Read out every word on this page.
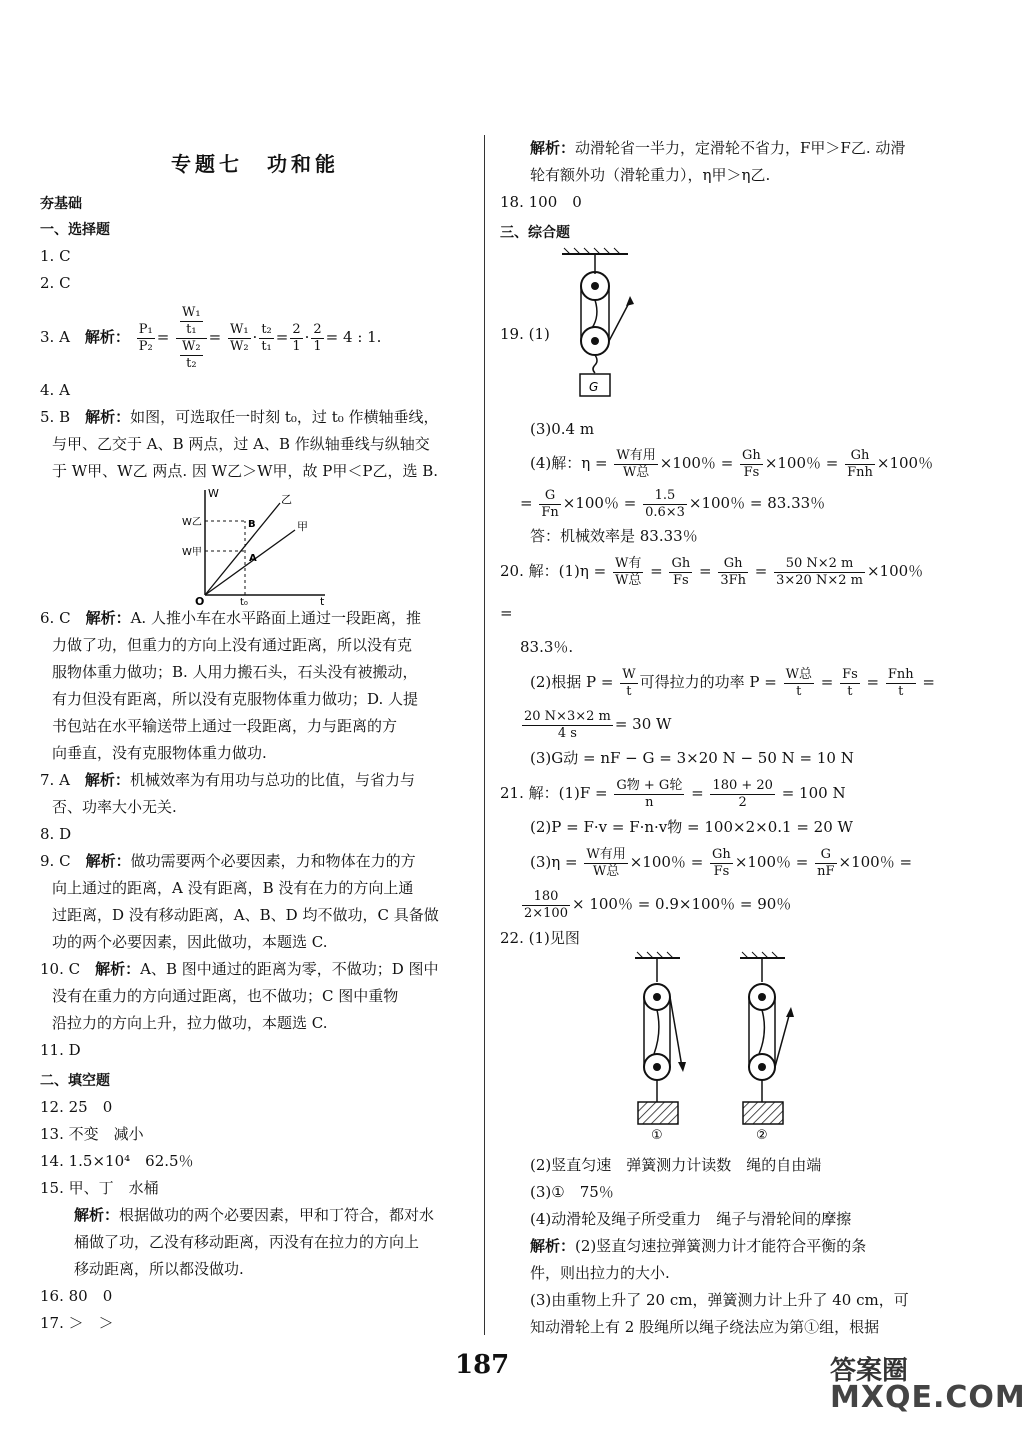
专题七　功和能
夯基础
一、选择题

1. C

2. C

3. A　解析： $\frac{\text{P₁}}{\text{P₂}} = \frac{\frac{\text{W₁}}{\text{t₁}}}{\frac{\text{W₂}}{\text{t₂}}} = \frac{\text{W₁}}{\text{W₂}} \cdot \frac{\text{t₂}}{\text{t₁}} = \frac{2}{1} \cdot \frac{2}{1} = 4$ : 1.

4. A

5. B　解析：如图，可选取任一时刻 t₀，过 t₀ 作横轴垂线，

与甲、乙交于 A、B 两点，过 A、B 作纵轴垂线与纵轴交

于 W甲、W乙 两点. 因 W乙＞W甲，故 P甲＜P乙，选 B.

W
W乙
W甲
O	t₀	t
乙
甲
A
B

6. C　解析：A. 人推小车在水平路面上通过一段距离，推

力做了功，但重力的方向上没有通过距离，所以没有克

服物体重力做功；B. 人用力搬石头，石头没有被搬动，

有力但没有距离，所以没有克服物体重力做功；D. 人提

书包站在水平输送带上通过一段距离，力与距离的方

向垂直，没有克服物体重力做功.

7. A　解析：机械效率为有用功与总功的比值，与省力与

否、功率大小无关.

8. D

9. C　解析：做功需要两个必要因素，力和物体在力的方

向上通过的距离，A 没有距离，B 没有在力的方向上通

过距离，D 没有移动距离，A、B、D 均不做功，C 具备做

功的两个必要因素，因此做功，本题选 C.

10. C　解析：A、B 图中通过的距离为零，不做功；D 图中

没有在重力的方向通过距离，也不做功；C 图中重物

沿拉力的方向上升，拉力做功，本题选 C.

11. D

二、填空题

12. 25　0

13. 不变　减小

14. 1.5×10⁴　62.5％

15. 甲、丁　水桶

解析：根据做功的两个必要因素，甲和丁符合，都对水

桶做了功，乙没有移动距离，丙没有在拉力的方向上

移动距离，所以都没做功.

16. 80　0

17. ＞　＞

解析：动滑轮省一半力，定滑轮不省力，F甲＞F乙. 动滑

轮有额外功（滑轮重力），η甲＞η乙.

18. 100　0

三、综合题
19. (1)
G

(3)0.4 m

(4)解：$\eta = \frac{\text{W有用}}{\text{W总}} \times 100$％ = $\frac{Gh}{Fs} \times 100$％ = $\frac{Gh}{\text{Fnh}} \times 100$％

= $\frac{G}{Fn} \times 100$％ = $\frac{1.5}{0.6\times 3} \times 100$％ = 83.33％

答：机械效率是 83.33％

20. 解：$(1)\eta = \frac{\text{W有}}{\text{W总}} = \frac{Gh}{Fs} = \frac{Gh}{3Fh} = \frac{50 N\times 2 m}{3\times 20 N\times 2 m} \times 100$％ =

83.3％.

(2)根据 $P = \frac{W}{t}$ 可得拉力的功率 $P = \frac{\text{W总}}{t} = \frac{Fs}{t} = \frac{\text{Fnh}}{t}$ =

$\frac{20 N\times 3\times 2 m}{4 s} = 30$ W

(3)G动 = nF − G = 3×20 N − 50 N = 10 N

21. 解：$(1)F = \frac{\text{G物 + G轮}}{n} = \frac{180 + 20}{2} = 100$ N

(2)P = F·v = F·n·v物 = 100×2×0.1 = 20 W

$(3)\eta = \frac{\text{W有用}}{\text{W总}} \times 100$％ = $\frac{Gh}{Fs} \times 100$％ = $\frac{G}{nF} \times 100$％ =

$\frac{180}{2\times 100} \times 100$％ = 0.9×100％ = 90％

22. (1)见图

①	②

(2)竖直匀速　弹簧测力计读数　绳的自由端

(3)①　75％

(4)动滑轮及绳子所受重力　绳子与滑轮间的摩擦

解析：(2)竖直匀速拉弹簧测力计才能符合平衡的条

件，则出拉力的大小.

(3)由重物上升了 20 cm，弹簧测力计上升了 40 cm，可

知动滑轮上有 2 股绳所以绳子绕法应为第①组，根据

187	答案圈
MXQE.COM
